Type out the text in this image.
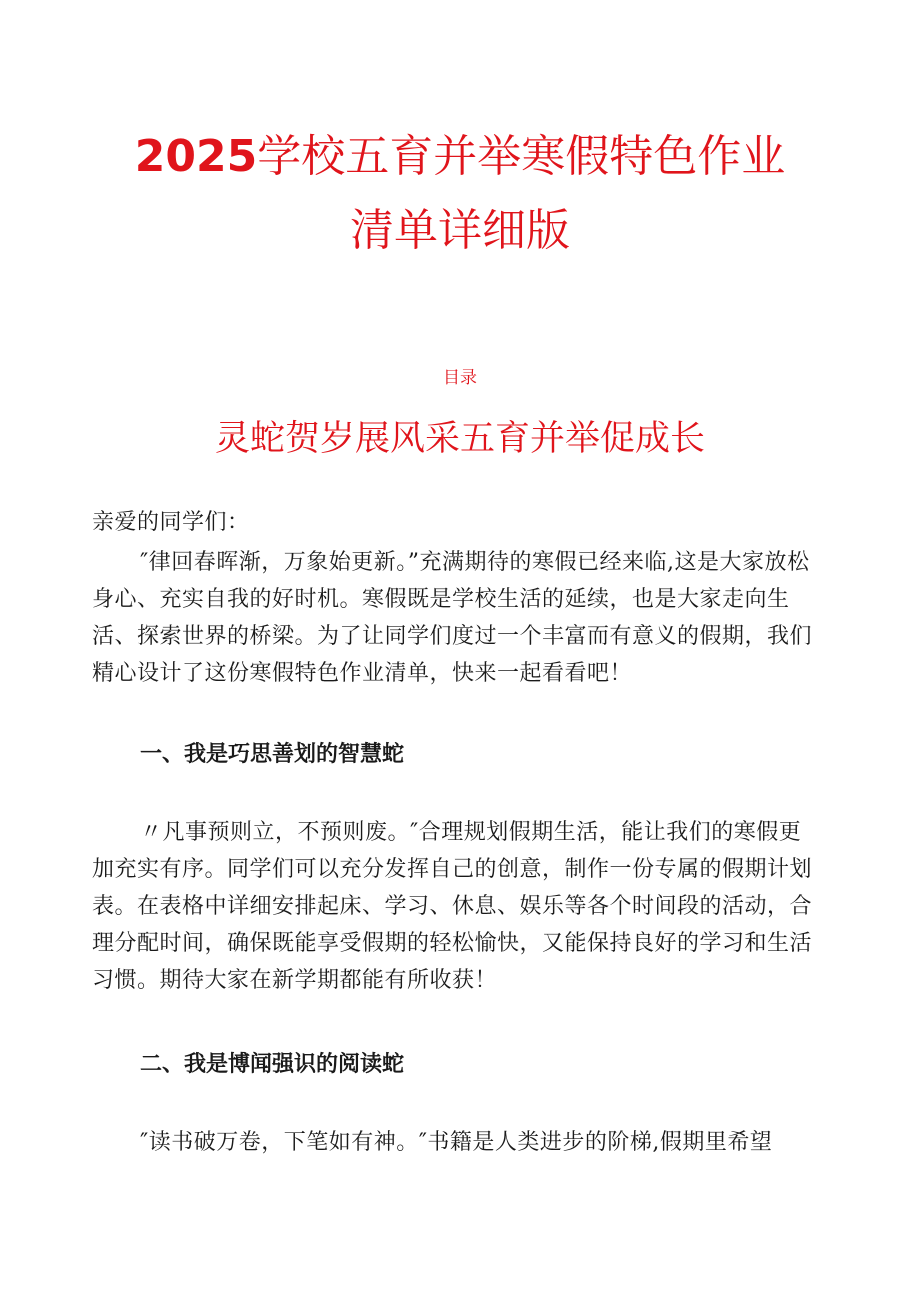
2025学校五育并举寒假特色作业
清单详细版
目录
灵蛇贺岁展风采五育并举促成长

亲爱的同学们：

″律回春晖渐，万象始更新。”充满期待的寒假已经来临,这是大家放松身心、充实自我的好时机。寒假既是学校生活的延续，也是大家走向生活、探索世界的桥梁。为了让同学们度过一个丰富而有意义的假期，我们精心设计了这份寒假特色作业清单，快来一起看看吧！

一、我是巧思善划的智慧蛇

〃凡事预则立，不预则废。″合理规划假期生活，能让我们的寒假更加充实有序。同学们可以充分发挥自己的创意，制作一份专属的假期计划表。在表格中详细安排起床、学习、休息、娱乐等各个时间段的活动，合理分配时间，确保既能享受假期的轻松愉快，又能保持良好的学习和生活习惯。期待大家在新学期都能有所收获！

二、我是博闻强识的阅读蛇

″读书破万卷，下笔如有神。″书籍是人类进步的阶梯,假期里希望
